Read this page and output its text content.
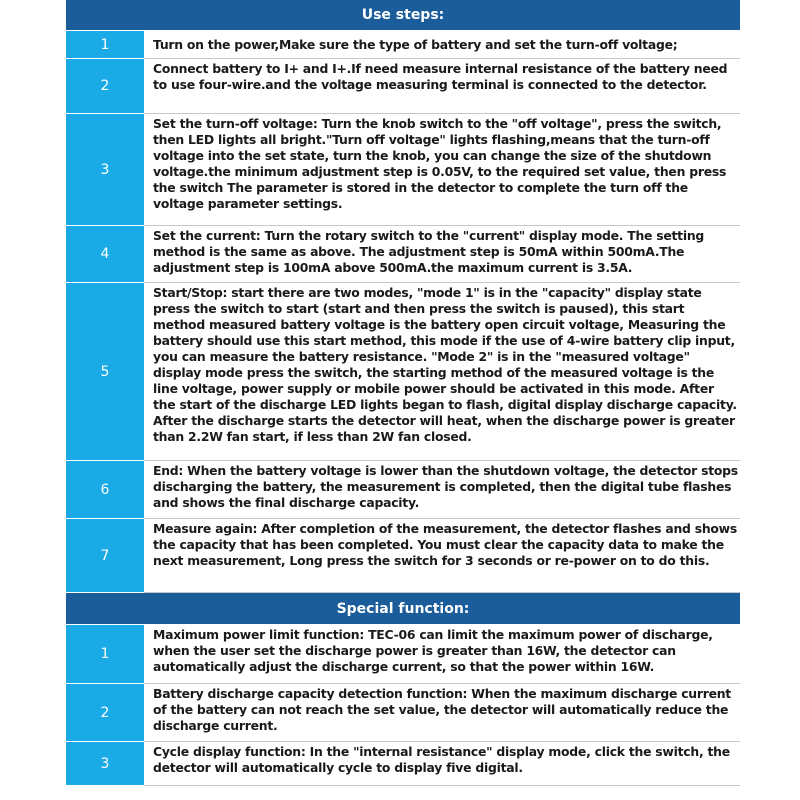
Use steps:
1	Turn on the power,Make sure the type of battery and set the turn-off voltage;
2
Connect battery to I+ and I+.If need measure internal resistance of the battery need to use four-wire.and the voltage measuring terminal is connected to the detector.
3
Set the turn-off voltage: Turn the knob switch to the "off voltage", press the switch, then LED lights all bright."Turn off voltage" lights flashing,means that the turn-off voltage into the set state, turn the knob, you can change the size of the shutdown voltage.the minimum adjustment step is 0.05V, to the required set value, then press the switch The parameter is stored in the detector to complete the turn off the voltage parameter settings.
4
Set the current: Turn the rotary switch to the "current" display mode. The setting method is the same as above. The adjustment step is 50mA within 500mA.The adjustment step is 100mA above 500mA.the maximum current is 3.5A.
5
Start/Stop: start there are two modes, "mode 1" is in the "capacity" display state press the switch to start (start and then press the switch is paused), this start method measured battery voltage is the battery open circuit voltage, Measuring the battery should use this start method, this mode if the use of 4-wire battery clip input, you can measure the battery resistance. "Mode 2" is in the "measured voltage" display mode press the switch, the starting method of the measured voltage is the line voltage, power supply or mobile power should be activated in this mode. After the start of the discharge LED lights began to flash, digital display discharge capacity. After the discharge starts the detector will heat, when the discharge power is greater than 2.2W fan start, if less than 2W fan closed.
6
End: When the battery voltage is lower than the shutdown voltage, the detector stops discharging the battery, the measurement is completed, then the digital tube flashes and shows the final discharge capacity.
7
Measure again: After completion of the measurement, the detector flashes and shows the capacity that has been completed. You must clear the capacity data to make the next measurement, Long press the switch for 3 seconds or re-power on to do this.
Special function:
1
Maximum power limit function: TEC-06 can limit the maximum power of discharge, when the user set the discharge power is greater than 16W, the detector can automatically adjust the discharge current, so that the power within 16W.
2
Battery discharge capacity detection function: When the maximum discharge current of the battery can not reach the set value, the detector will automatically reduce the discharge current.
3
Cycle display function: In the "internal resistance" display mode, click the switch, the detector will automatically cycle to display five digital.
